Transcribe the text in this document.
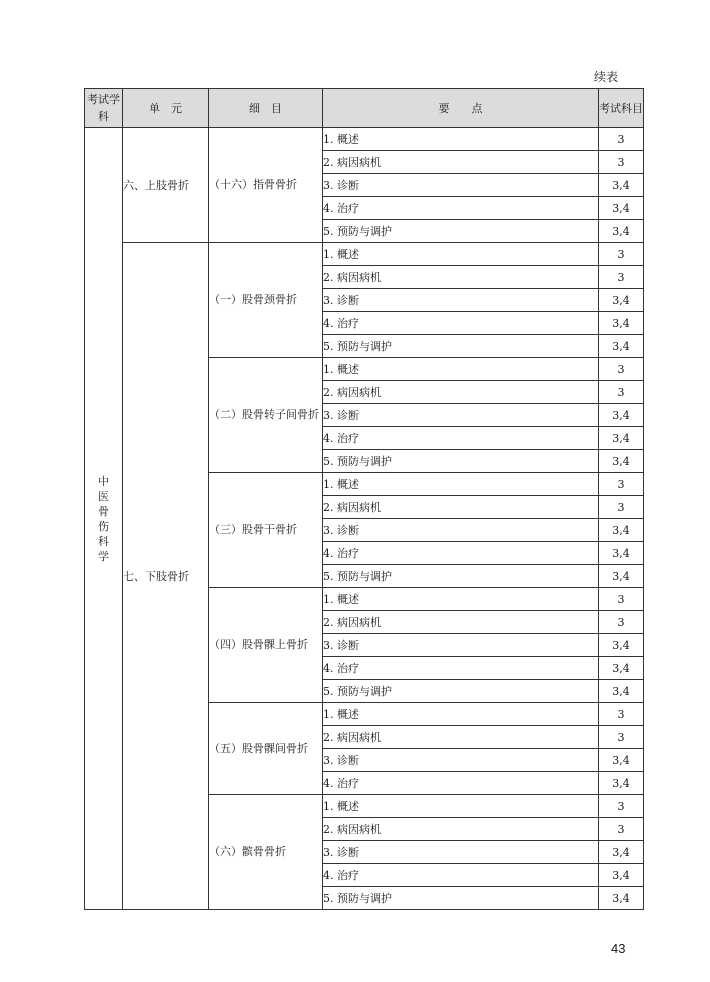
续表
考试学科	单　元	细　目	要　　点	考试科目

中医骨伤科学	六、上肢骨折	（十六）指骨骨折	1. 概述	3
			2. 病因病机	3
			3. 诊断	3,4
			4. 治疗	3,4
			5. 预防与调护	3,4
	七、下肢骨折	（一）股骨颈骨折	1. 概述	3
			2. 病因病机	3
			3. 诊断	3,4
			4. 治疗	3,4
			5. 预防与调护	3,4
		（二）股骨转子间骨折	1. 概述	3
			2. 病因病机	3
			3. 诊断	3,4
			4. 治疗	3,4
			5. 预防与调护	3,4
		（三）股骨干骨折	1. 概述	3
			2. 病因病机	3
			3. 诊断	3,4
			4. 治疗	3,4
			5. 预防与调护	3,4
		（四）股骨髁上骨折	1. 概述	3
			2. 病因病机	3
			3. 诊断	3,4
			4. 治疗	3,4
			5. 预防与调护	3,4
		（五）股骨髁间骨折	1. 概述	3
			2. 病因病机	3
			3. 诊断	3,4
			4. 治疗	3,4
		（六）髌骨骨折	1. 概述	3
			2. 病因病机	3
			3. 诊断	3,4
			4. 治疗	3,4
			5. 预防与调护	3,4
43
